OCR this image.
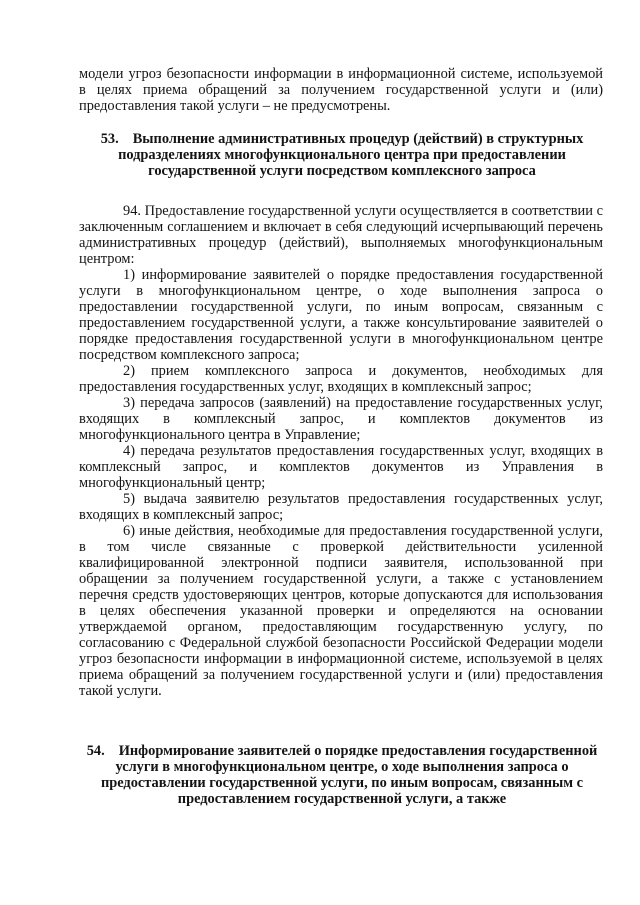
модели угроз безопасности информации в информационной системе, используемой в целях приема обращений за получением государственной услуги и (или) предоставления такой услуги – не предусмотрены.

53. Выполнение административных процедур (действий) в структурных подразделениях многофункционального центра при предоставлении государственной услуги посредством комплексного запроса

94. Предоставление государственной услуги осуществляется в соответствии с заключенным соглашением и включает в себя следующий исчерпывающий перечень административных процедур (действий), выполняемых многофункциональным центром:

1) информирование заявителей о порядке предоставления государственной услуги в многофункциональном центре, о ходе выполнения запроса о предоставлении государственной услуги, по иным вопросам, связанным с предоставлением государственной услуги, а также консультирование заявителей о порядке предоставления государственной услуги в многофункциональном центре посредством комплексного запроса;

2) прием комплексного запроса и документов, необходимых для предоставления государственных услуг, входящих в комплексный запрос;

3) передача запросов (заявлений) на предоставление государственных услуг, входящих в комплексный запрос, и комплектов документов из многофункционального центра в Управление;

4) передача результатов предоставления государственных услуг, входящих в комплексный запрос, и комплектов документов из Управления в многофункциональный центр;

5) выдача заявителю результатов предоставления государственных услуг, входящих в комплексный запрос;

6) иные действия, необходимые для предоставления государственной услуги, в том числе связанные с проверкой действительности усиленной квалифицированной электронной подписи заявителя, использованной при обращении за получением государственной услуги, а также с установлением перечня средств удостоверяющих центров, которые допускаются для использования в целях обеспечения указанной проверки и определяются на основании утверждаемой органом, предоставляющим государственную услугу, по согласованию с Федеральной службой безопасности Российской Федерации модели угроз безопасности информации в информационной системе, используемой в целях приема обращений за получением государственной услуги и (или) предоставления такой услуги.

54. Информирование заявителей о порядке предоставления государственной услуги в многофункциональном центре, о ходе выполнения запроса о предоставлении государственной услуги, по иным вопросам, связанным с предоставлением государственной услуги, а также
